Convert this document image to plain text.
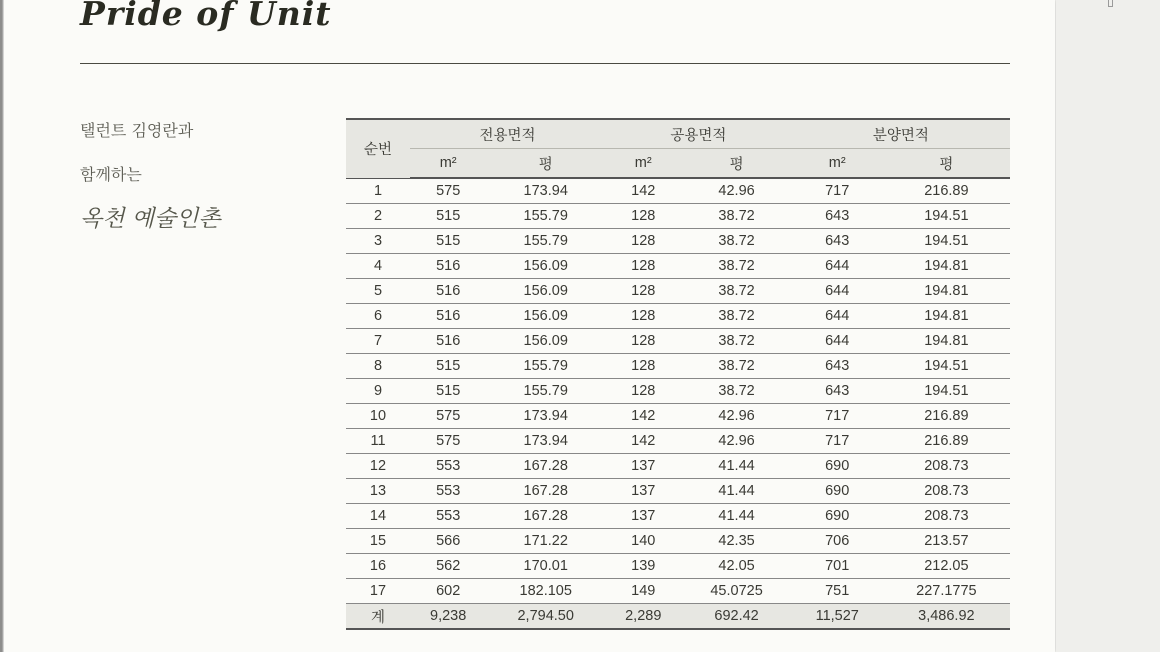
Pride of Unit
탤런트 김영란과
함께하는
옥천 예술인촌
순번	전용면적		공용면적		분양면적	
	m²	평	m²	평	m²	평
1	575	173.94	142	42.96	717	216.89
2	515	155.79	128	38.72	643	194.51
3	515	155.79	128	38.72	643	194.51
4	516	156.09	128	38.72	644	194.81
5	516	156.09	128	38.72	644	194.81
6	516	156.09	128	38.72	644	194.81
7	516	156.09	128	38.72	644	194.81
8	515	155.79	128	38.72	643	194.51
9	515	155.79	128	38.72	643	194.51
10	575	173.94	142	42.96	717	216.89
11	575	173.94	142	42.96	717	216.89
12	553	167.28	137	41.44	690	208.73
13	553	167.28	137	41.44	690	208.73
14	553	167.28	137	41.44	690	208.73
15	566	171.22	140	42.35	706	213.57
16	562	170.01	139	42.05	701	212.05
17	602	182.105	149	45.0725	751	227.1775
계	9,238	2,794.50	2,289	692.42	11,527	3,486.92
